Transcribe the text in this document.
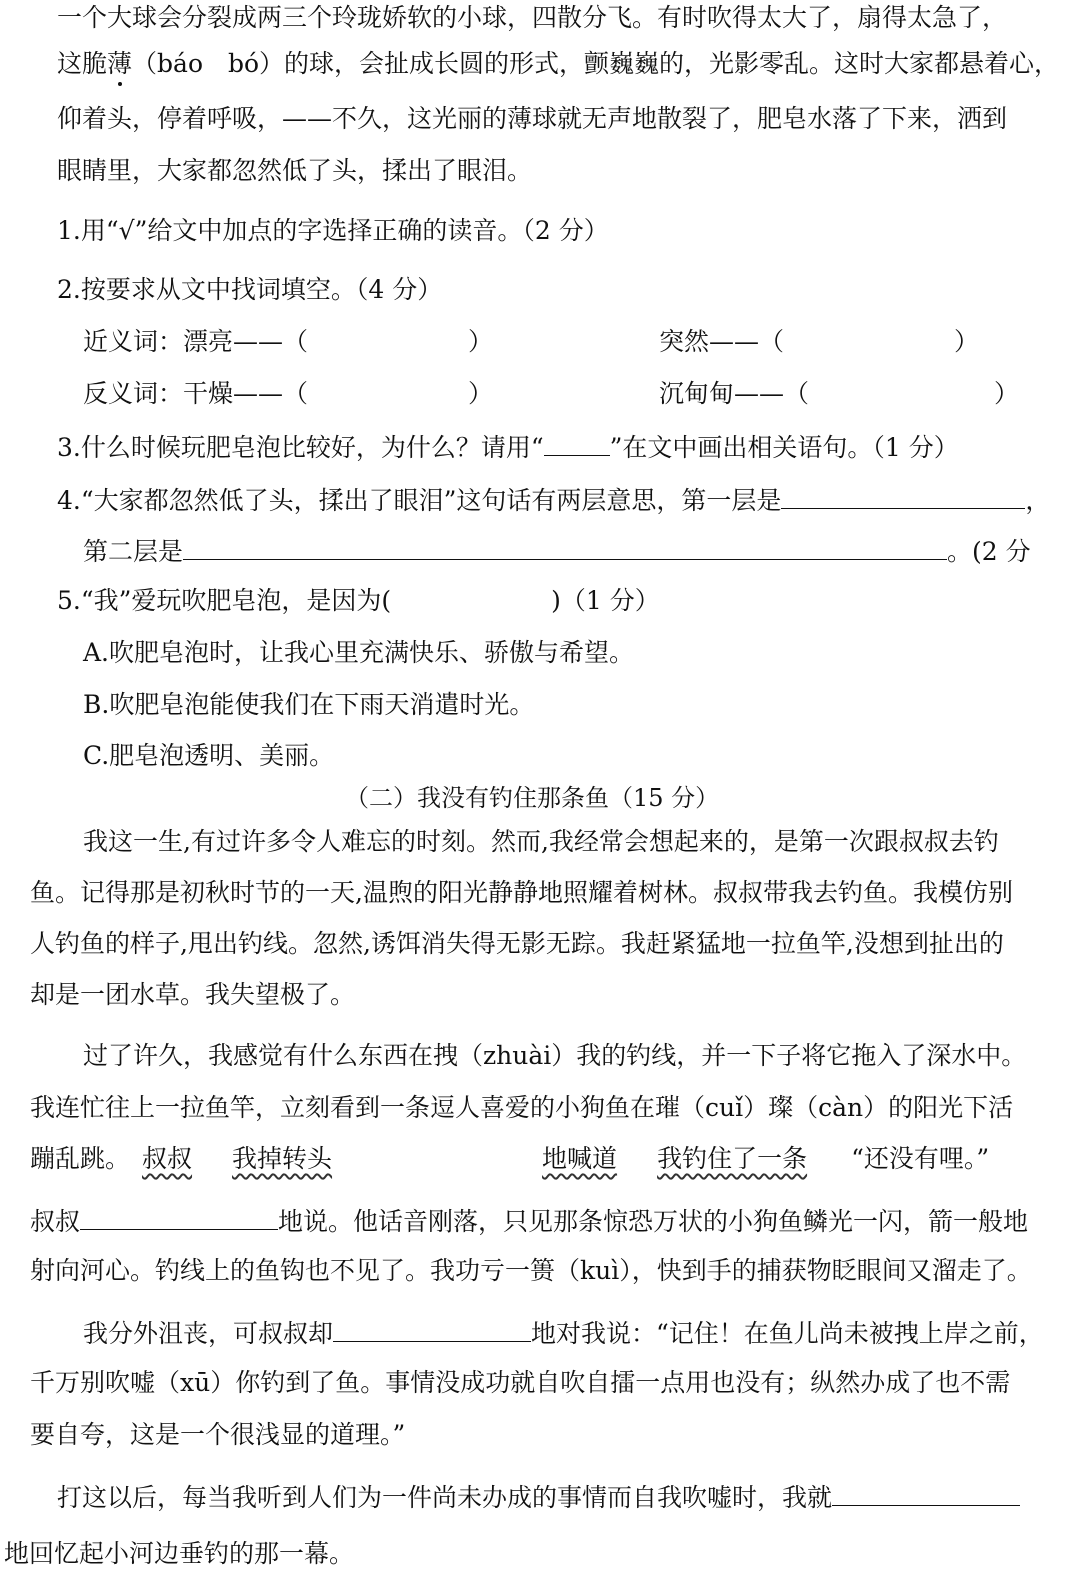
一个大球会分裂成两三个玲珑娇软的小球，四散分飞。有时吹得太大了，扇得太急了，
这脆薄（báo　bó）的球，会扯成长圆的形式，颤巍巍的，光影零乱。这时大家都悬着心，
仰着头，停着呼吸，——不久，这光丽的薄球就无声地散裂了，肥皂水落了下来，洒到
眼睛里，大家都忽然低了头，揉出了眼泪。
1.用“√”给文中加点的字选择正确的读音。（2 分）
2.按要求从文中找词填空。（4 分）
近义词：漂亮——（	）	突然——（	）
反义词：干燥——（	）	沉甸甸——（	）
3.什么时候玩肥皂泡比较好，为什么？请用“	”在文中画出相关语句。（1 分）
4.“大家都忽然低了头，揉出了眼泪”这句话有两层意思，第一层是	，
第二层是	。(2 分
5.“我”爱玩吹肥皂泡，是因为(	)（1 分）
A.吹肥皂泡时，让我心里充满快乐、骄傲与希望。
B.吹肥皂泡能使我们在下雨天消遣时光。
C.肥皂泡透明、美丽。
（二）我没有钓住那条鱼（15 分）
我这一生,有过许多令人难忘的时刻。然而,我经常会想起来的，是第一次跟叔叔去钓
鱼。记得那是初秋时节的一天,温煦的阳光静静地照耀着树林。叔叔带我去钓鱼。我模仿别
人钓鱼的样子,甩出钓线。忽然,诱饵消失得无影无踪。我赶紧猛地一拉鱼竿,没想到扯出的
却是一团水草。我失望极了。
过了许久，我感觉有什么东西在拽（zhuài）我的钓线，并一下子将它拖入了深水中。
我连忙往上一拉鱼竿，立刻看到一条逗人喜爱的小狗鱼在璀（cuǐ）璨（càn）的阳光下活
蹦乱跳。 叔叔 我掉转头	地喊道 我钓住了一条 “还没有哩。”
叔叔	地说。他话音刚落，只见那条惊恐万状的小狗鱼鳞光一闪，箭一般地
射向河心。钓线上的鱼钩也不见了。我功亏一篑（kuì），快到手的捕获物眨眼间又溜走了。
我分外沮丧，可叔叔却	地对我说：“记住！在鱼儿尚未被拽上岸之前，
千万别吹嘘（xū）你钓到了鱼。事情没成功就自吹自擂一点用也没有；纵然办成了也不需
要自夸，这是一个很浅显的道理。”
打这以后，每当我听到人们为一件尚未办成的事情而自我吹嘘时，我就
地回忆起小河边垂钓的那一幕。
